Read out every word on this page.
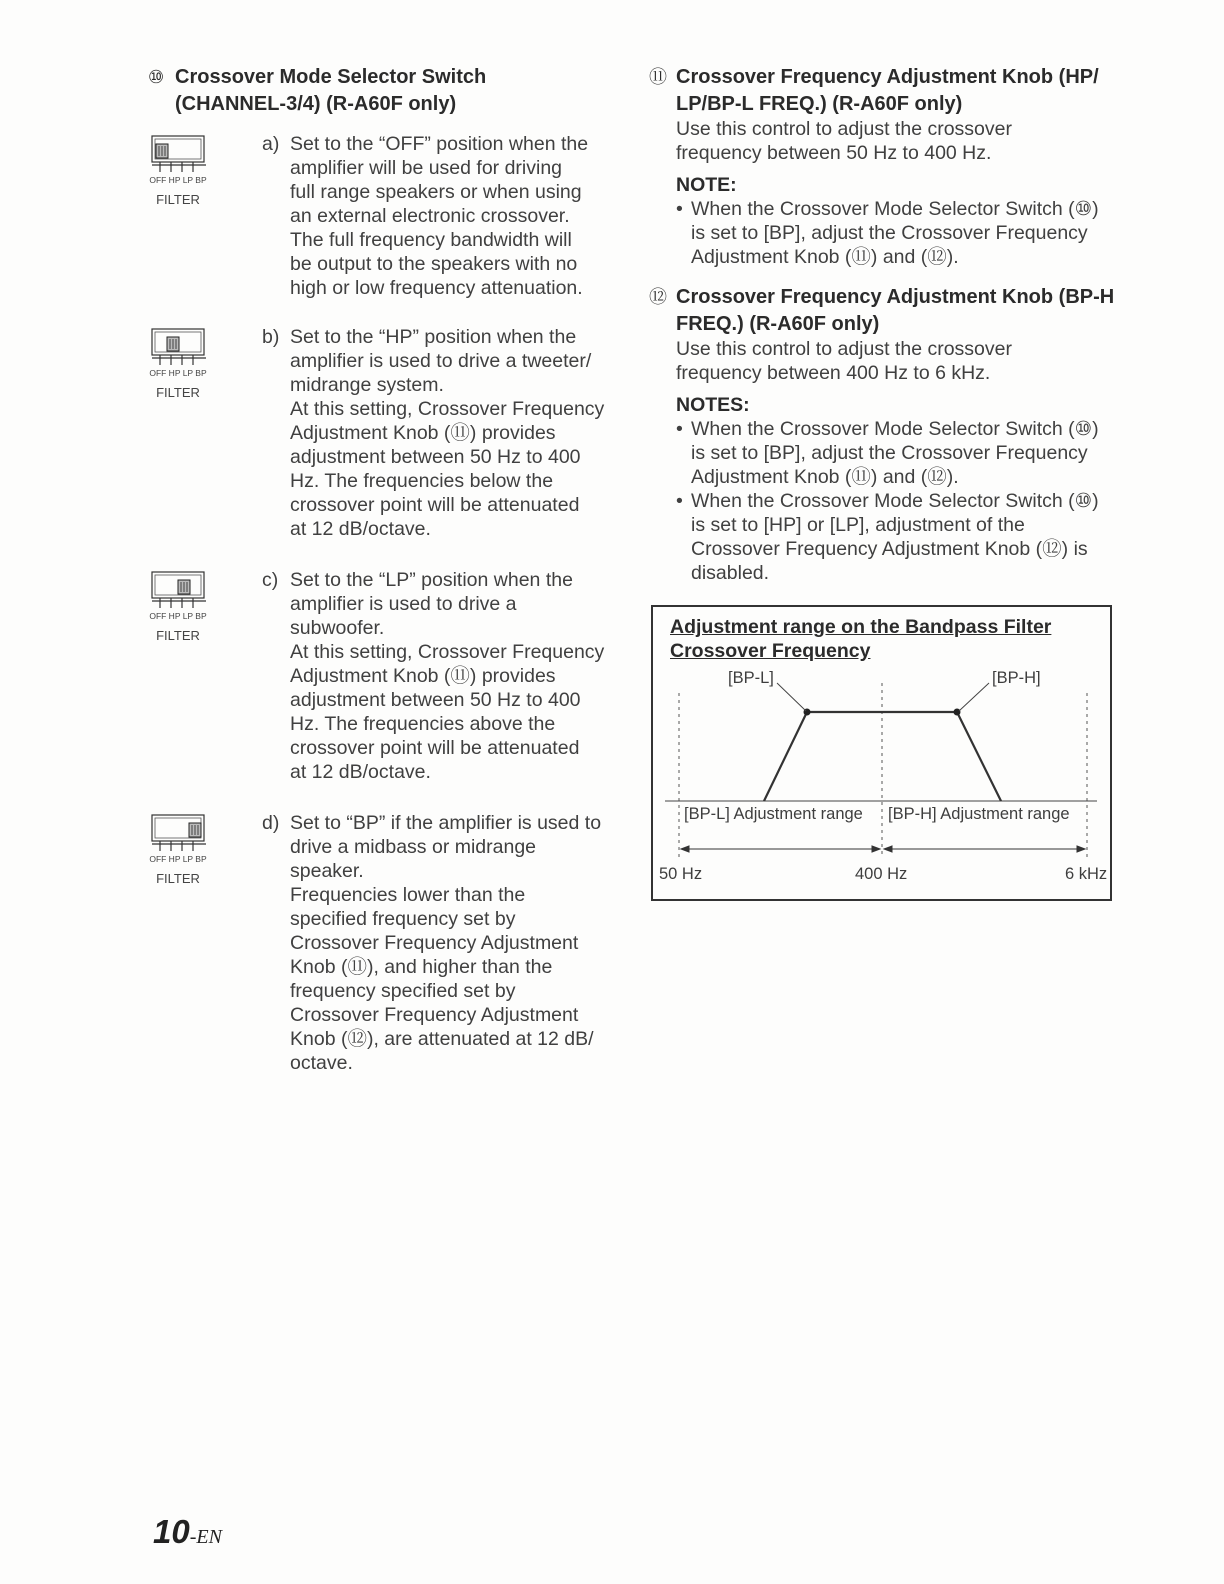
⑩ Crossover Mode Selector Switch
(CHANNEL-3/4) (R-A60F only)
OFF HP LP BP
FILTER
OFF HP LP BP
FILTER
OFF HP LP BP
FILTER
OFF HP LP BP
FILTER
a) Set to the “OFF” position when the
amplifier will be used for driving
full range speakers or when using
an external electronic crossover.
The full frequency bandwidth will
be output to the speakers with no
high or low frequency attenuation.
b) Set to the “HP” position when the
amplifier is used to drive a tweeter/
midrange system.
At this setting, Crossover Frequency
Adjustment Knob (⑪) provides
adjustment between 50 Hz to 400
Hz. The frequencies below the
crossover point will be attenuated
at 12 dB/octave.
c) Set to the “LP” position when the
amplifier is used to drive a
subwoofer.
At this setting, Crossover Frequency
Adjustment Knob (⑪) provides
adjustment between 50 Hz to 400
Hz. The frequencies above the
crossover point will be attenuated
at 12 dB/octave.
d) Set to “BP” if the amplifier is used to
drive a midbass or midrange
speaker.
Frequencies lower than the
specified frequency set by
Crossover Frequency Adjustment
Knob (⑪), and higher than the
frequency specified set by
Crossover Frequency Adjustment
Knob (⑫), are attenuated at 12 dB/
octave.
⑪ Crossover Frequency Adjustment Knob (HP/
LP/BP-L FREQ.) (R-A60F only)
Use this control to adjust the crossover
frequency between 50 Hz to 400 Hz.
NOTE:
• When the Crossover Mode Selector Switch (⑩)
is set to [BP], adjust the Crossover Frequency
Adjustment Knob (⑪) and (⑫).
⑫ Crossover Frequency Adjustment Knob (BP-H
FREQ.) (R-A60F only)
Use this control to adjust the crossover
frequency between 400 Hz to 6 kHz.
NOTES:
• When the Crossover Mode Selector Switch (⑩)
is set to [BP], adjust the Crossover Frequency
Adjustment Knob (⑪) and (⑫).
• When the Crossover Mode Selector Switch (⑩)
is set to [HP] or [LP], adjustment of the
Crossover Frequency Adjustment Knob (⑫) is
disabled.
Adjustment range on the Bandpass Filter
Crossover Frequency
[BP-L]	[BP-H]
[BP-L] Adjustment range [BP-H] Adjustment range
50 Hz	400 Hz	6 kHz
10-EN
